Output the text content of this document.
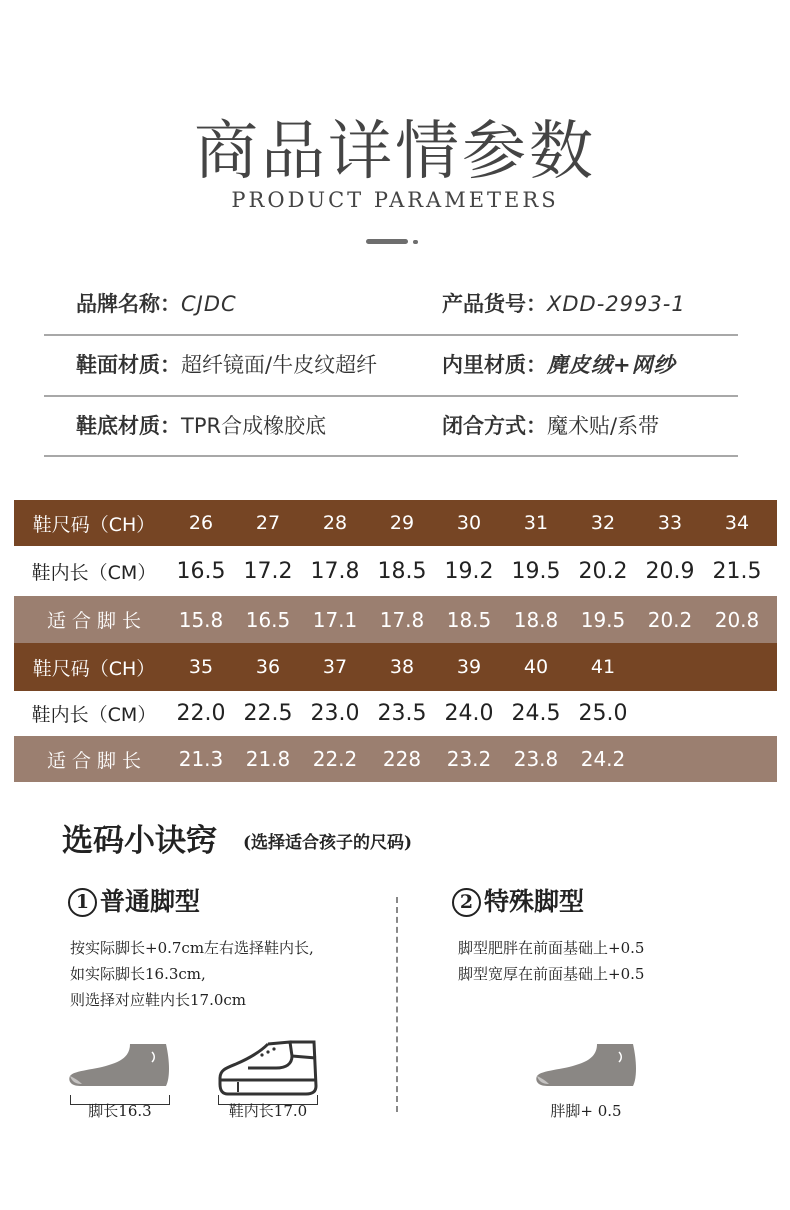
商品详情参数
PRODUCT PARAMETERS
品牌名称：CJDC	产品货号：XDD-2993-1
鞋面材质：超纤镜面/牛皮纹超纤	内里材质：麂皮绒+网纱
鞋底材质：TPR合成橡胶底	闭合方式：魔术贴/系带
鞋尺码（CH）	26	27	28	29	30	31	32	33	34
鞋内长（CM） 16.5 17.2 17.8 18.5 19.2 19.5 20.2 20.9 21.5
适 合 脚 长	15.8	16.5	17.1	17.8	18.5	18.8	19.5	20.2	20.8
鞋尺码（CH）	35	36	37	38	39	40	41
鞋内长（CM） 22.0 22.5 23.0 23.5 24.0 24.5 25.0
适 合 脚 长	21.3	21.8	22.2	228	23.2	23.8	24.2
选码小诀窍 (选择适合孩子的尺码)
1 普通脚型
按实际脚长+0.7cm左右选择鞋内长,
如实际脚长16.3cm,
则选择对应鞋内长17.0cm
2 特殊脚型
脚型肥胖在前面基础上+0.5
脚型宽厚在前面基础上+0.5
脚长16.3	鞋内长17.0	胖脚+ 0.5
